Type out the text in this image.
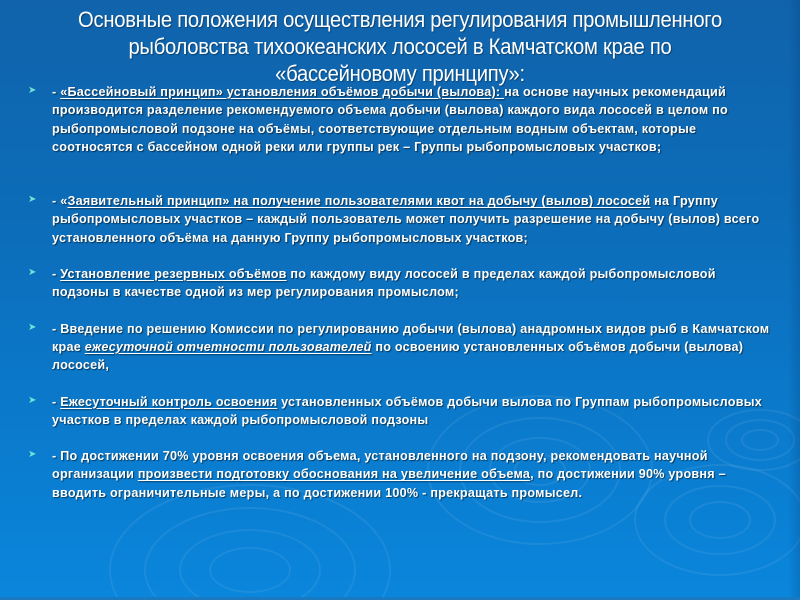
Основные положения осуществления регулирования промышленного рыболовства тихоокеанских лососей в Камчатском крае по «бассейновому принципу»:
➤ - «Бассейновый принцип» установления объёмов добычи (вылова): на основе научных рекомендаций производится разделение рекомендуемого объема добычи (вылова) каждого вида лососей в целом по рыбопромысловой подзоне на объёмы, соответствующие отдельным водным объектам, которые соотносятся с бассейном одной реки или группы рек – Группы рыбопромысловых участков;
➤ - «Заявительный принцип» на получение пользователями квот на добычу (вылов) лососей на Группу рыбопромысловых участков – каждый пользователь может получить разрешение на добычу (вылов) всего установленного объёма на данную Группу рыбопромысловых участков;
➤ - Установление резервных объёмов по каждому виду лососей в пределах каждой рыбопромысловой подзоны в качестве одной из мер регулирования промыслом;
➤ - Введение по решению Комиссии по регулированию добычи (вылова) анадромных видов рыб в Камчатском крае ежесуточной отчетности пользователей по освоению установленных объёмов добычи (вылова) лососей,
➤ - Ежесуточный контроль освоения установленных объёмов добычи вылова по Группам рыбопромысловых участков в пределах каждой рыбопромысловой подзоны
➤ - По достижении 70% уровня освоения объема, установленного на подзону, рекомендовать научной организации произвести подготовку обоснования на увеличение объема, по достижении 90% уровня – вводить ограничительные меры, а по достижении 100% - прекращать промысел.
